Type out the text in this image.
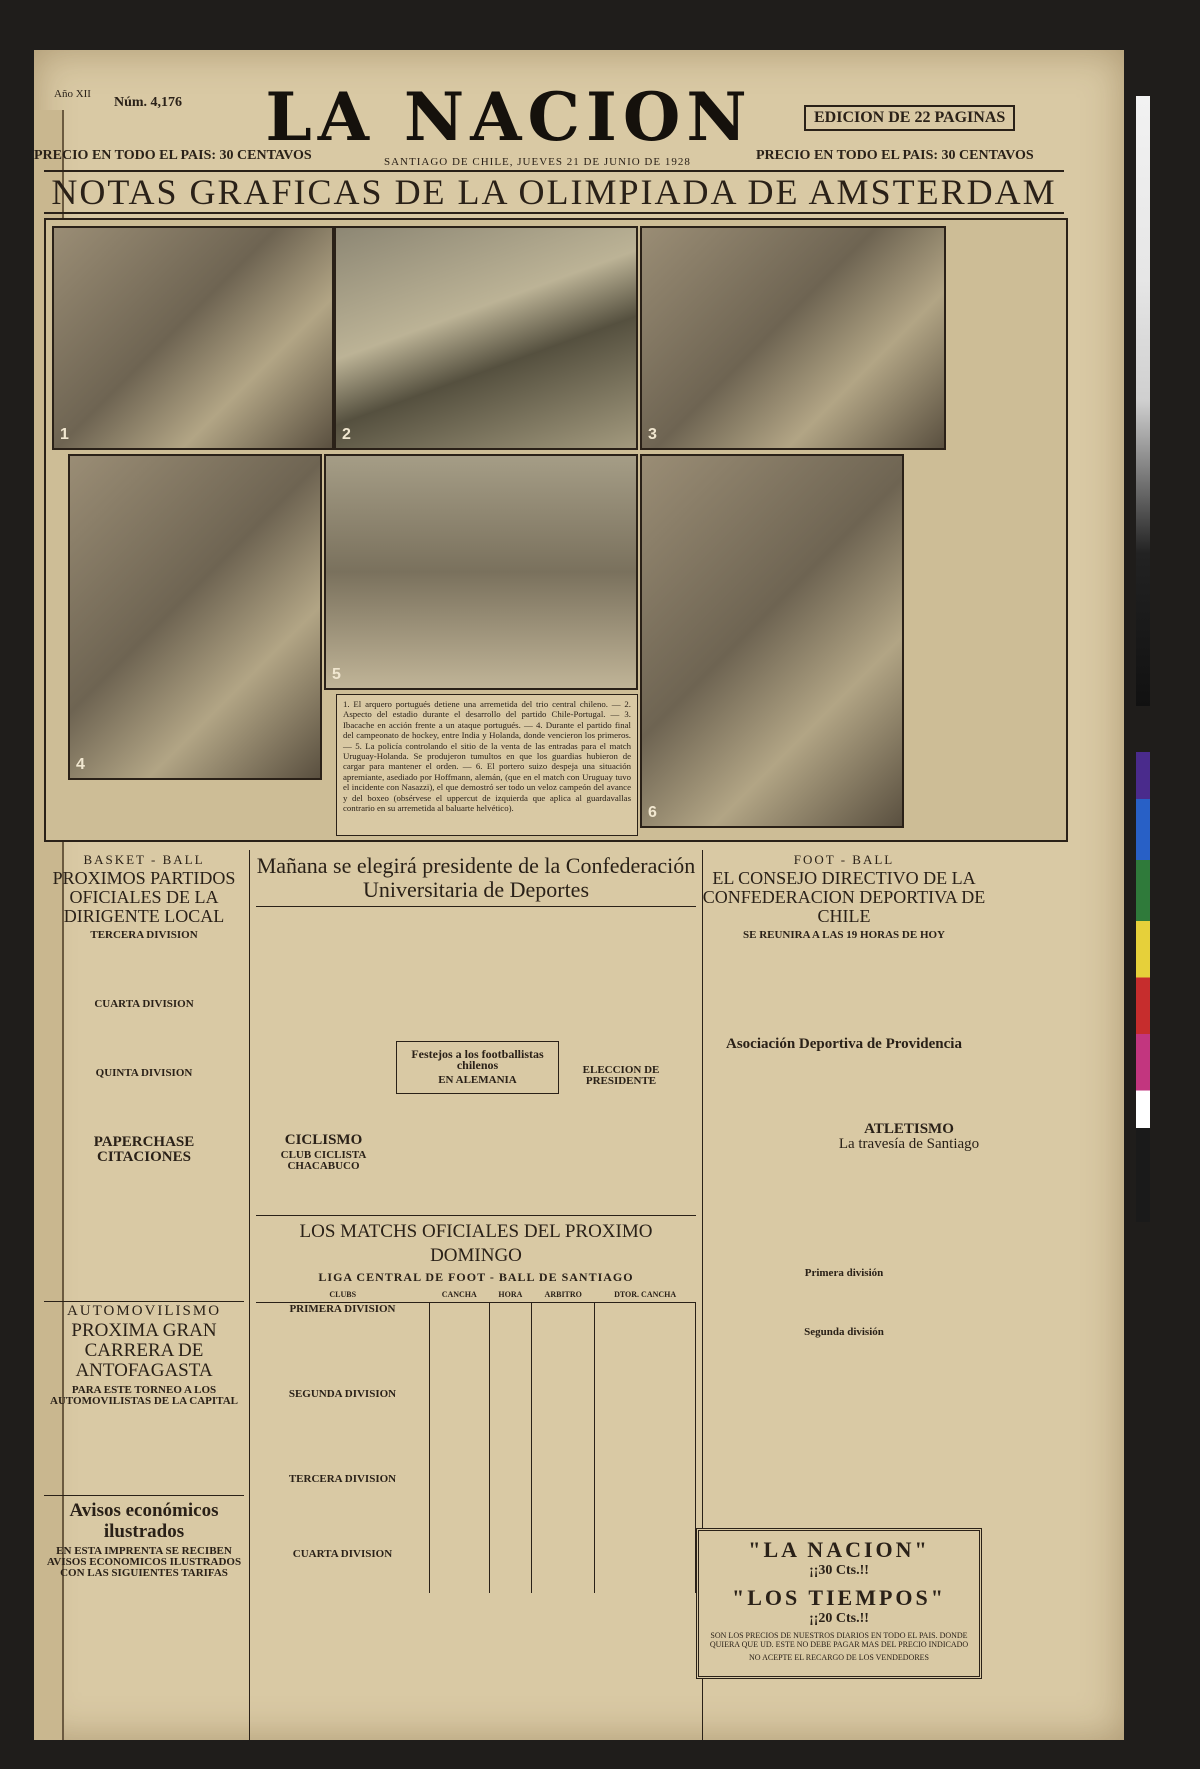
Año XII
Núm. 4,176	LA NACION	EDICION DE 22 PAGINAS
PRECIO EN TODO EL PAIS: 30 CENTAVOS	SANTIAGO DE CHILE, JUEVES 21 DE JUNIO DE 1928	PRECIO EN TODO EL PAIS: 30 CENTAVOS
NOTAS GRAFICAS DE LA OLIMPIADA DE AMSTERDAM
1	2	3
4
5
6
1. El arquero portugués detiene una arremetida del trio central chileno. — 2. Aspecto del estadio durante el desarrollo del partido Chile-Portugal. — 3. Ibacache en acción frente a un ataque portugués. — 4. Durante el partido final del campeonato de hockey, entre India y Holanda, donde vencieron los primeros. — 5. La policía controlando el sitio de la venta de las entradas para el match Uruguay-Holanda. Se produjeron tumultos en que los guardias hubieron de cargar para mantener el orden. — 6. El portero suizo despeja una situación apremiante, asediado por Hoffmann, alemán, (que en el match con Uruguay tuvo el incidente con Nasazzi), el que demostró ser todo un veloz campeón del avance y del boxeo (obsérvese el uppercut de izquierda que aplica al guardavallas contrario en su arremetida al baluarte helvético).
BASKET - BALL
PROXIMOS PARTIDOS OFICIALES DE LA DIRIGENTE LOCAL
TERCERA DIVISION
CUARTA DIVISION
QUINTA DIVISION
PAPERCHASE
CITACIONES
AUTOMOVILISMO
PROXIMA GRAN CARRERA DE ANTOFAGASTA
PARA ESTE TORNEO A LOS AUTOMOVILISTAS DE LA CAPITAL
Avisos económicos ilustrados
EN ESTA IMPRENTA SE RECIBEN AVISOS ECONOMICOS ILUSTRADOS CON LAS SIGUIENTES TARIFAS
Mañana se elegirá presidente de la Confederación Universitaria de Deportes
Festejos a los footballistas chilenos
EN ALEMANIA
ELECCION DE PRESIDENTE
CICLISMO
CLUB CICLISTA CHACABUCO
LOS MATCHS OFICIALES DEL PROXIMO DOMINGO
LIGA CENTRAL DE FOOT - BALL DE SANTIAGO
CLUBS	CANCHA	HORA	ARBITRO	DTOR. CANCHA
PRIMERA DIVISION				

SEGUNDA DIVISION				

TERCERA DIVISION				

CUARTA DIVISION				

FOOT - BALL
EL CONSEJO DIRECTIVO DE LA CONFEDERACION DEPORTIVA DE CHILE
SE REUNIRA A LAS 19 HORAS DE HOY
Asociación Deportiva de Providencia
Primera división
Segunda división
ATLETISMO
La travesía de Santiago
"LA NACION"
¡¡30 Cts.!!
"LOS TIEMPOS"
¡¡20 Cts.!!
SON LOS PRECIOS DE NUESTROS DIARIOS EN TODO EL PAIS. DONDE QUIERA QUE UD. ESTE NO DEBE PAGAR MAS DEL PRECIO INDICADO
NO ACEPTE EL RECARGO DE LOS VENDEDORES
